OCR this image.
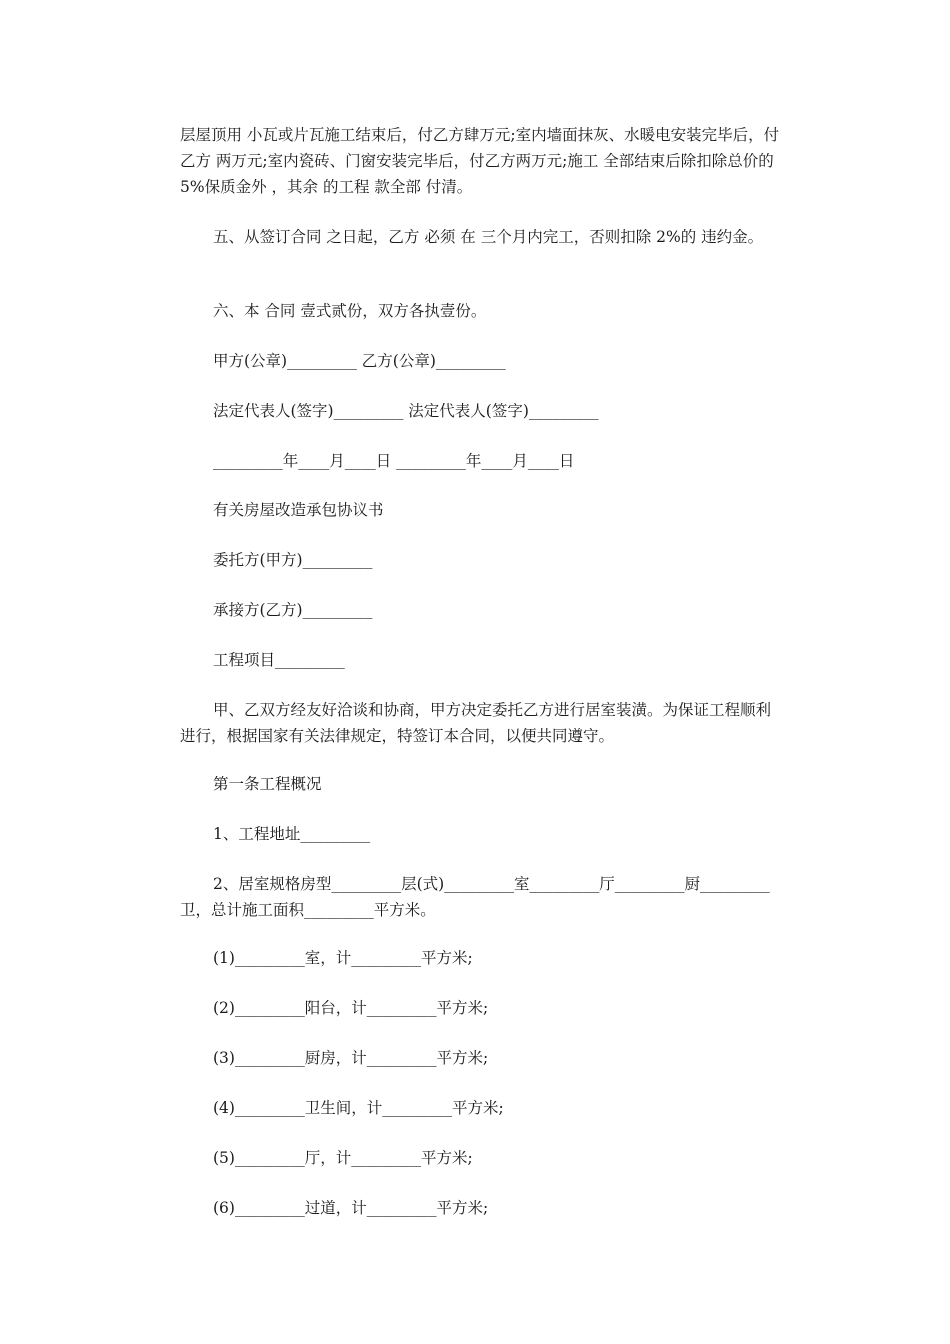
层屋顶用 小瓦或片瓦施工结束后，付乙方肆万元;室内墙面抹灰、水暖电安装完毕后，付乙方 两万元;室内瓷砖、门窗安装完毕后，付乙方两万元;施工 全部结束后除扣除总价的 5%保质金外 ，其余 的工程 款全部 付清。

五、从签订合同 之日起，乙方 必须 在 三个月内完工，否则扣除 2%的 违约金。

六、本 合同 壹式贰份，双方各执壹份。

甲方(公章)_________ 乙方(公章)_________

法定代表人(签字)_________ 法定代表人(签字)_________

_________年____月____日 _________年____月____日

有关房屋改造承包协议书

委托方(甲方)_________

承接方(乙方)_________

工程项目_________

甲、乙双方经友好洽谈和协商，甲方决定委托乙方进行居室装潢。为保证工程顺利进行，根据国家有关法律规定，特签订本合同，以便共同遵守。

第一条工程概况

1、工程地址_________

2、居室规格房型_________层(式)_________室_________厅_________厨_________卫，总计施工面积_________平方米。

(1)_________室，计_________平方米;

(2)_________阳台，计_________平方米;

(3)_________厨房，计_________平方米;

(4)_________卫生间，计_________平方米;

(5)_________厅，计_________平方米;

(6)_________过道，计_________平方米;
